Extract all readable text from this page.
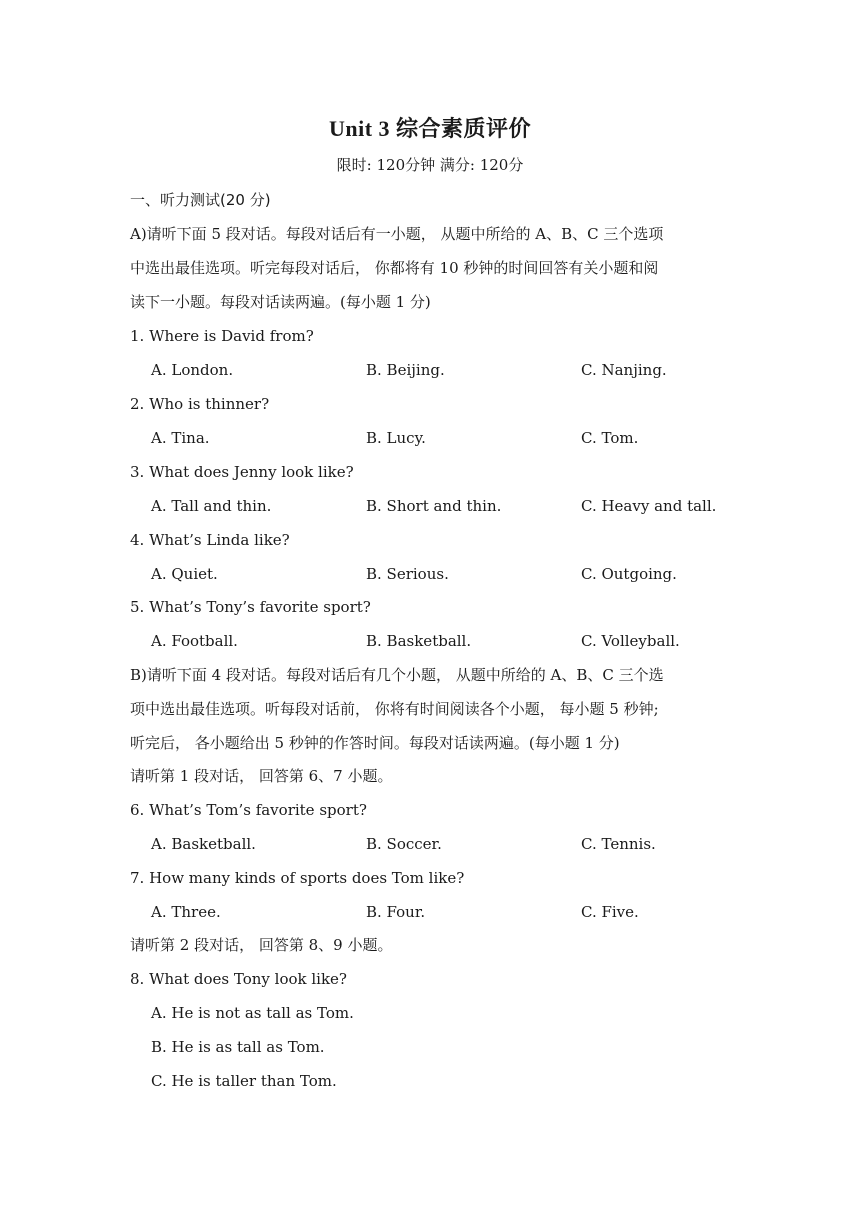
Unit 3 综合素质评价
限时: 120分钟 满分: 120分
一、听力测试(20 分)
A)请听下面 5 段对话。每段对话后有一小题， 从题中所给的 A、B、C 三个选项
中选出最佳选项。听完每段对话后， 你都将有 10 秒钟的时间回答有关小题和阅
读下一小题。每段对话读两遍。(每小题 1 分)
1. Where is David from?
A. London.	B. Beijing.	C. Nanjing.
2. Who is thinner?
A. Tina.	B. Lucy.	C. Tom.
3. What does Jenny look like?
A. Tall and thin.	B. Short and thin.	C. Heavy and tall.
4. What’s Linda like?
A. Quiet.	B. Serious.	C. Outgoing.
5. What’s Tony’s favorite sport?
A. Football.	B. Basketball.	C. Volleyball.
B)请听下面 4 段对话。每段对话后有几个小题， 从题中所给的 A、B、C 三个选
项中选出最佳选项。听每段对话前， 你将有时间阅读各个小题， 每小题 5 秒钟;
听完后， 各小题给出 5 秒钟的作答时间。每段对话读两遍。(每小题 1 分)
请听第 1 段对话， 回答第 6、7 小题。
6. What’s Tom’s favorite sport?
A. Basketball.	B. Soccer.	C. Tennis.
7. How many kinds of sports does Tom like?
A. Three.	B. Four.	C. Five.
请听第 2 段对话， 回答第 8、9 小题。
8. What does Tony look like?
A. He is not as tall as Tom.
B. He is as tall as Tom.
C. He is taller than Tom.
